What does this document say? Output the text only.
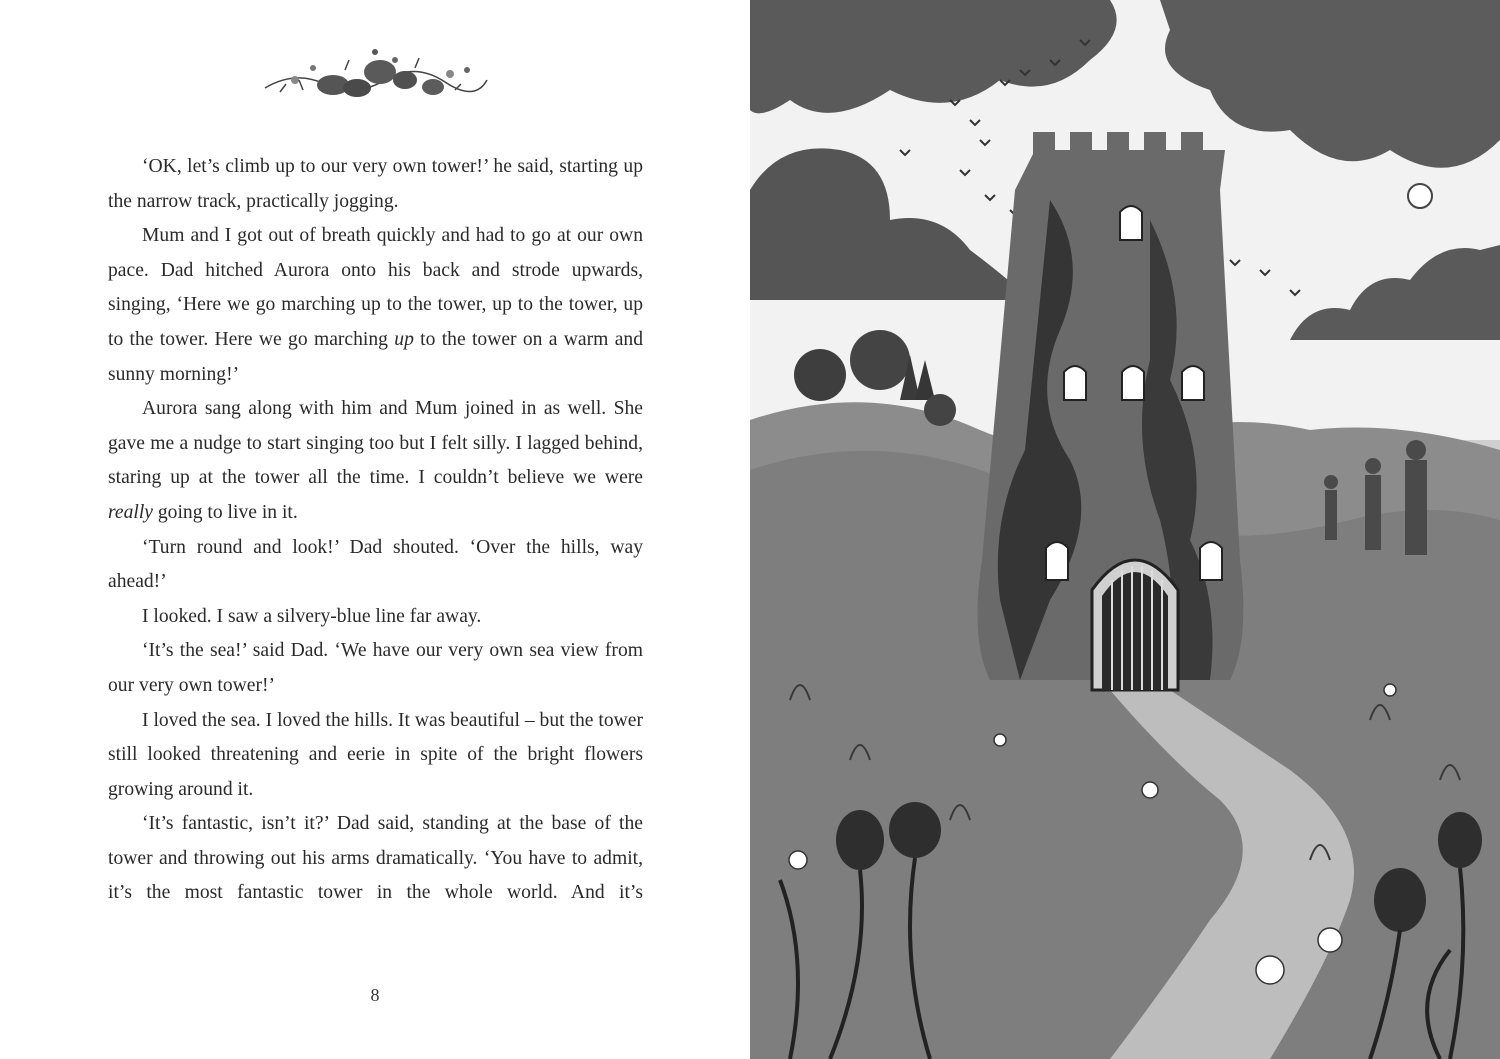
‘OK, let’s climb up to our very own tower!’ he said, starting up the narrow track, practically jogging.

Mum and I got out of breath quickly and had to go at our own pace. Dad hitched Aurora onto his back and strode upwards, singing, ‘Here we go marching up to the tower, up to the tower, up to the tower. Here we go marching up to the tower on a warm and sunny morning!’

Aurora sang along with him and Mum joined in as well. She gave me a nudge to start singing too but I felt silly. I lagged behind, staring up at the tower all the time. I couldn’t believe we were really going to live in it.

‘Turn round and look!’ Dad shouted. ‘Over the hills, way ahead!’

I looked. I saw a silvery-blue line far away.

‘It’s the sea!’ said Dad. ‘We have our very own sea view from our very own tower!’

I loved the sea. I loved the hills. It was beautiful – but the tower still looked threatening and eerie in spite of the bright flowers growing around it.

‘It’s fantastic, isn’t it?’ Dad said, standing at the base of the tower and throwing out his arms dramatically. ‘You have to admit, it’s the most fantastic tower in the whole world. And it’s

8
